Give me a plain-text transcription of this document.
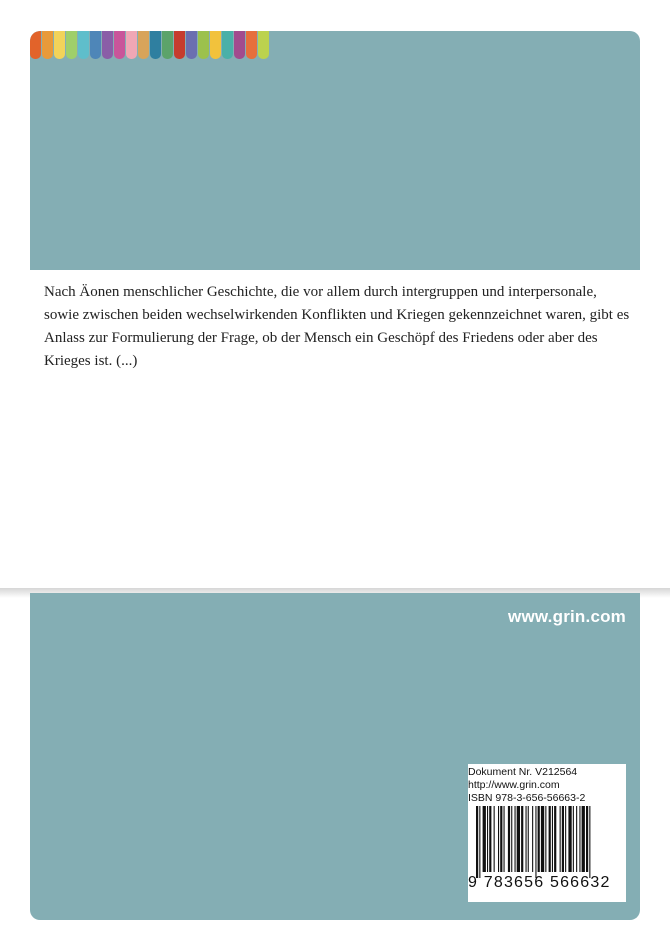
Nach Äonen menschlicher Geschichte, die vor allem durch intergruppen und interpersonale, sowie zwischen beiden wechselwirkenden Konflikten und Kriegen gekennzeichnet waren, gibt es Anlass zur Formulierung der Frage, ob der Mensch ein Geschöpf des Friedens oder aber des Krieges ist. (...)
www.grin.com
Dokument Nr. V212564
http://www.grin.com
ISBN 978-3-656-56663-2
9 783656 566632
